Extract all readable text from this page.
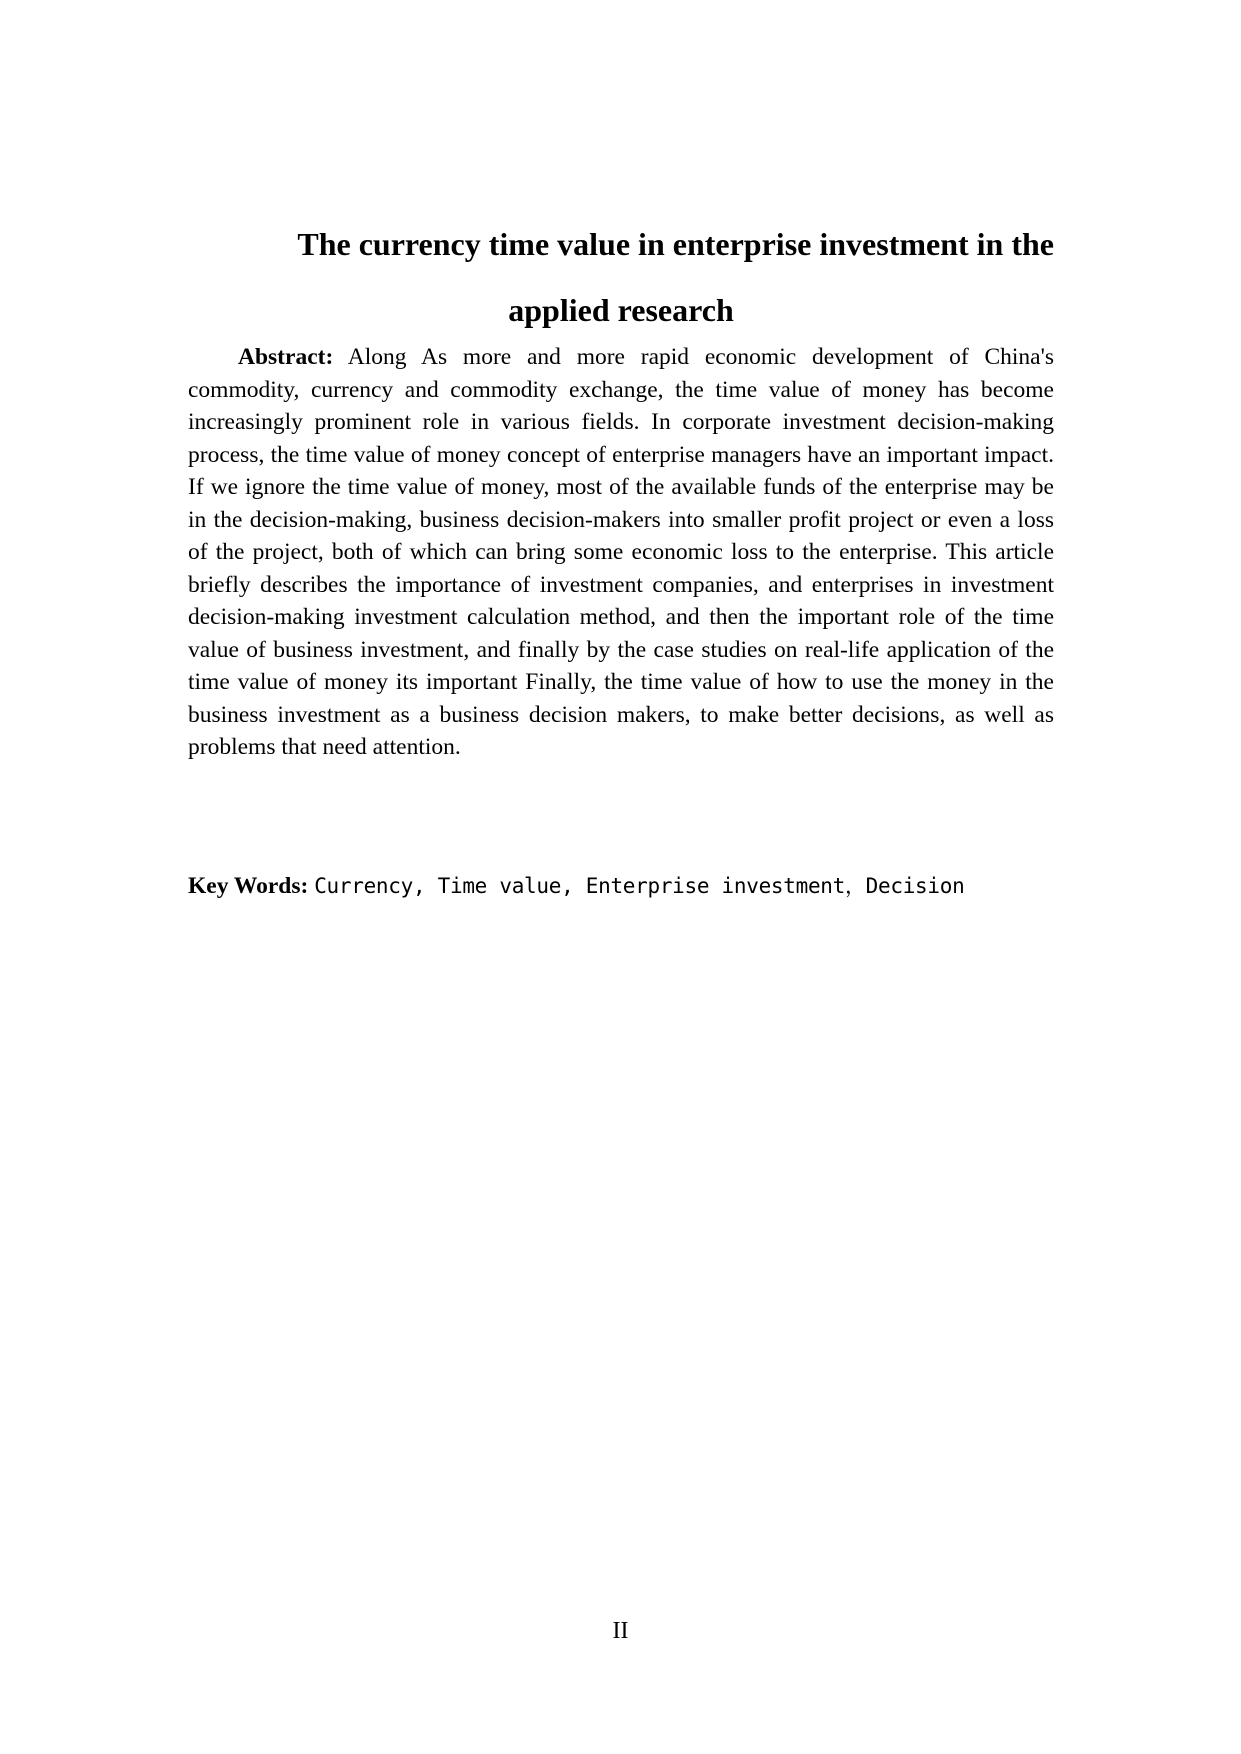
The currency time value in enterprise investment in the
applied research

Abstract: Along As more and more rapid economic development of China's commodity, currency and commodity exchange, the time value of money has become increasingly prominent role in various fields. In corporate investment decision-making process, the time value of money concept of enterprise managers have an important impact. If we ignore the time value of money, most of the available funds of the enterprise may be in the decision-making, business decision-makers into smaller profit project or even a loss of the project, both of which can bring some economic loss to the enterprise. This article briefly describes the importance of investment companies, and enterprises in investment decision-making investment calculation method, and then the important role of the time value of business investment, and finally by the case studies on real-life application of the time value of money its important Finally, the time value of how to use the money in the business investment as a business decision makers, to make better decisions, as well as problems that need attention.

Key Words: Currency, Time value, Enterprise investment，Decision

II
